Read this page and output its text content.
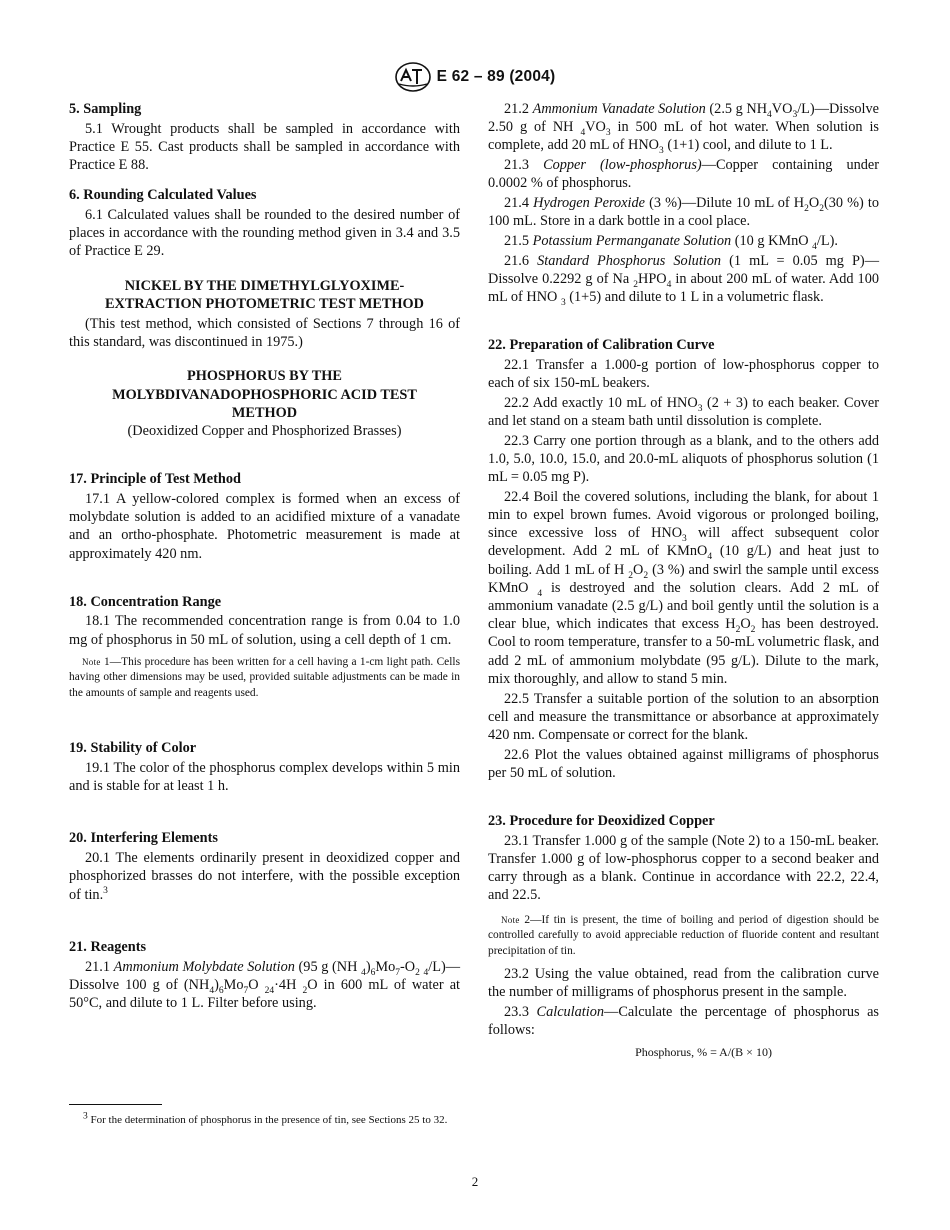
E 62 – 89 (2004)
5. Sampling

5.1 Wrought products shall be sampled in accordance with Practice E 55. Cast products shall be sampled in accordance with Practice E 88.

6. Rounding Calculated Values

6.1 Calculated values shall be rounded to the desired number of places in accordance with the rounding method given in 3.4 and 3.5 of Practice E 29.

NICKEL BY THE DIMETHYLGLYOXIME-EXTRACTION PHOTOMETRIC TEST METHOD

(This test method, which consisted of Sections 7 through 16 of this standard, was discontinued in 1975.)

PHOSPHORUS BY THE MOLYBDIVANADOPHOSPHORIC ACID TEST METHOD
(Deoxidized Copper and Phosphorized Brasses)
17. Principle of Test Method

17.1 A yellow-colored complex is formed when an excess of molybdate solution is added to an acidified mixture of a vanadate and an ortho-phosphate. Photometric measurement is made at approximately 420 nm.

18. Concentration Range

18.1 The recommended concentration range is from 0.04 to 1.0 mg of phosphorus in 50 mL of solution, using a cell depth of 1 cm.

Note 1—This procedure has been written for a cell having a 1-cm light path. Cells having other dimensions may be used, provided suitable adjustments can be made in the amounts of sample and reagents used.
19. Stability of Color

19.1 The color of the phosphorus complex develops within 5 min and is stable for at least 1 h.

20. Interfering Elements

20.1 The elements ordinarily present in deoxidized copper and phosphorized brasses do not interfere, with the possible exception of tin.$^3$

21. Reagents

21.1 Ammonium Molybdate Solution (95 g (NH $_4)_6Mo_7-O_2$ $_4$/L)—Dissolve 100 g of $(NH_4)_6Mo_7O$ $_{24}$·4H $_2$O in 600 mL of water at 50°C, and dilute to 1 L. Filter before using.

21.2 Ammonium Vanadate Solution (2.5 g $NH_4VO_3/L)—Dissolve$ 2.50 g of NH $_4VO_3$ in 500 mL of hot water. When solution is complete, add 20 mL of $HNO_3$ (1+1) cool, and dilute to 1 L.

21.3 Copper (low-phosphorus)—Copper containing under 0.0002 % of phosphorus.

21.4 Hydrogen Peroxide (3 %)—Dilute 10 mL of $H_2O_2(30$ %) to 100 mL. Store in a dark bottle in a cool place.

21.5 Potassium Permanganate Solution (10 g KMnO $_4$/L).

21.6 Standard Phosphorus Solution (1 mL = 0.05 mg P)—Dissolve 0.2292 g of Na $_2HPO_4$ in about 200 mL of water. Add 100 mL of HNO $_3$ (1+5) and dilute to 1 L in a volumetric flask.

22. Preparation of Calibration Curve

22.1 Transfer a 1.000-g portion of low-phosphorus copper to each of six 150-mL beakers.

22.2 Add exactly 10 mL of $HNO_3$ (2 + 3) to each beaker. Cover and let stand on a steam bath until dissolution is complete.

22.3 Carry one portion through as a blank, and to the others add 1.0, 5.0, 10.0, 15.0, and 20.0-mL aliquots of phosphorus solution (1 mL = 0.05 mg P).

22.4 Boil the covered solutions, including the blank, for about 1 min to expel brown fumes. Avoid vigorous or prolonged boiling, since excessive loss of $HNO_3$ will affect subsequent color development. Add 2 mL of KMnO$_4$ (10 g/L) and heat just to boiling. Add 1 mL of H $_2O_2$ (3 %) and swirl the sample until excess KMnO $_4$ is destroyed and the solution clears. Add 2 mL of ammonium vanadate (2.5 g/L) and boil gently until the solution is a clear blue, which indicates that excess $H_2O_2$ has been destroyed. Cool to room temperature, transfer to a 50-mL volumetric flask, and add 2 mL of ammonium molybdate (95 g/L). Dilute to the mark, mix thoroughly, and allow to stand 5 min.

22.5 Transfer a suitable portion of the solution to an absorption cell and measure the transmittance or absorbance at approximately 420 nm. Compensate or correct for the blank.

22.6 Plot the values obtained against milligrams of phosphorus per 50 mL of solution.

23. Procedure for Deoxidized Copper

23.1 Transfer 1.000 g of the sample (Note 2) to a 150-mL beaker. Transfer 1.000 g of low-phosphorus copper to a second beaker and carry through as a blank. Continue in accordance with 22.2, 22.4, and 22.5.

Note 2—If tin is present, the time of boiling and period of digestion should be controlled carefully to avoid appreciable reduction of fluoride content and resultant precipitation of tin.

23.2 Using the value obtained, read from the calibration curve the number of milligrams of phosphorus present in the sample.

23.3 Calculation—Calculate the percentage of phosphorus as follows:

Phosphorus, % = A/(B × 10)

$^3$ For the determination of phosphorus in the presence of tin, see Sections 25 to 32.

2
